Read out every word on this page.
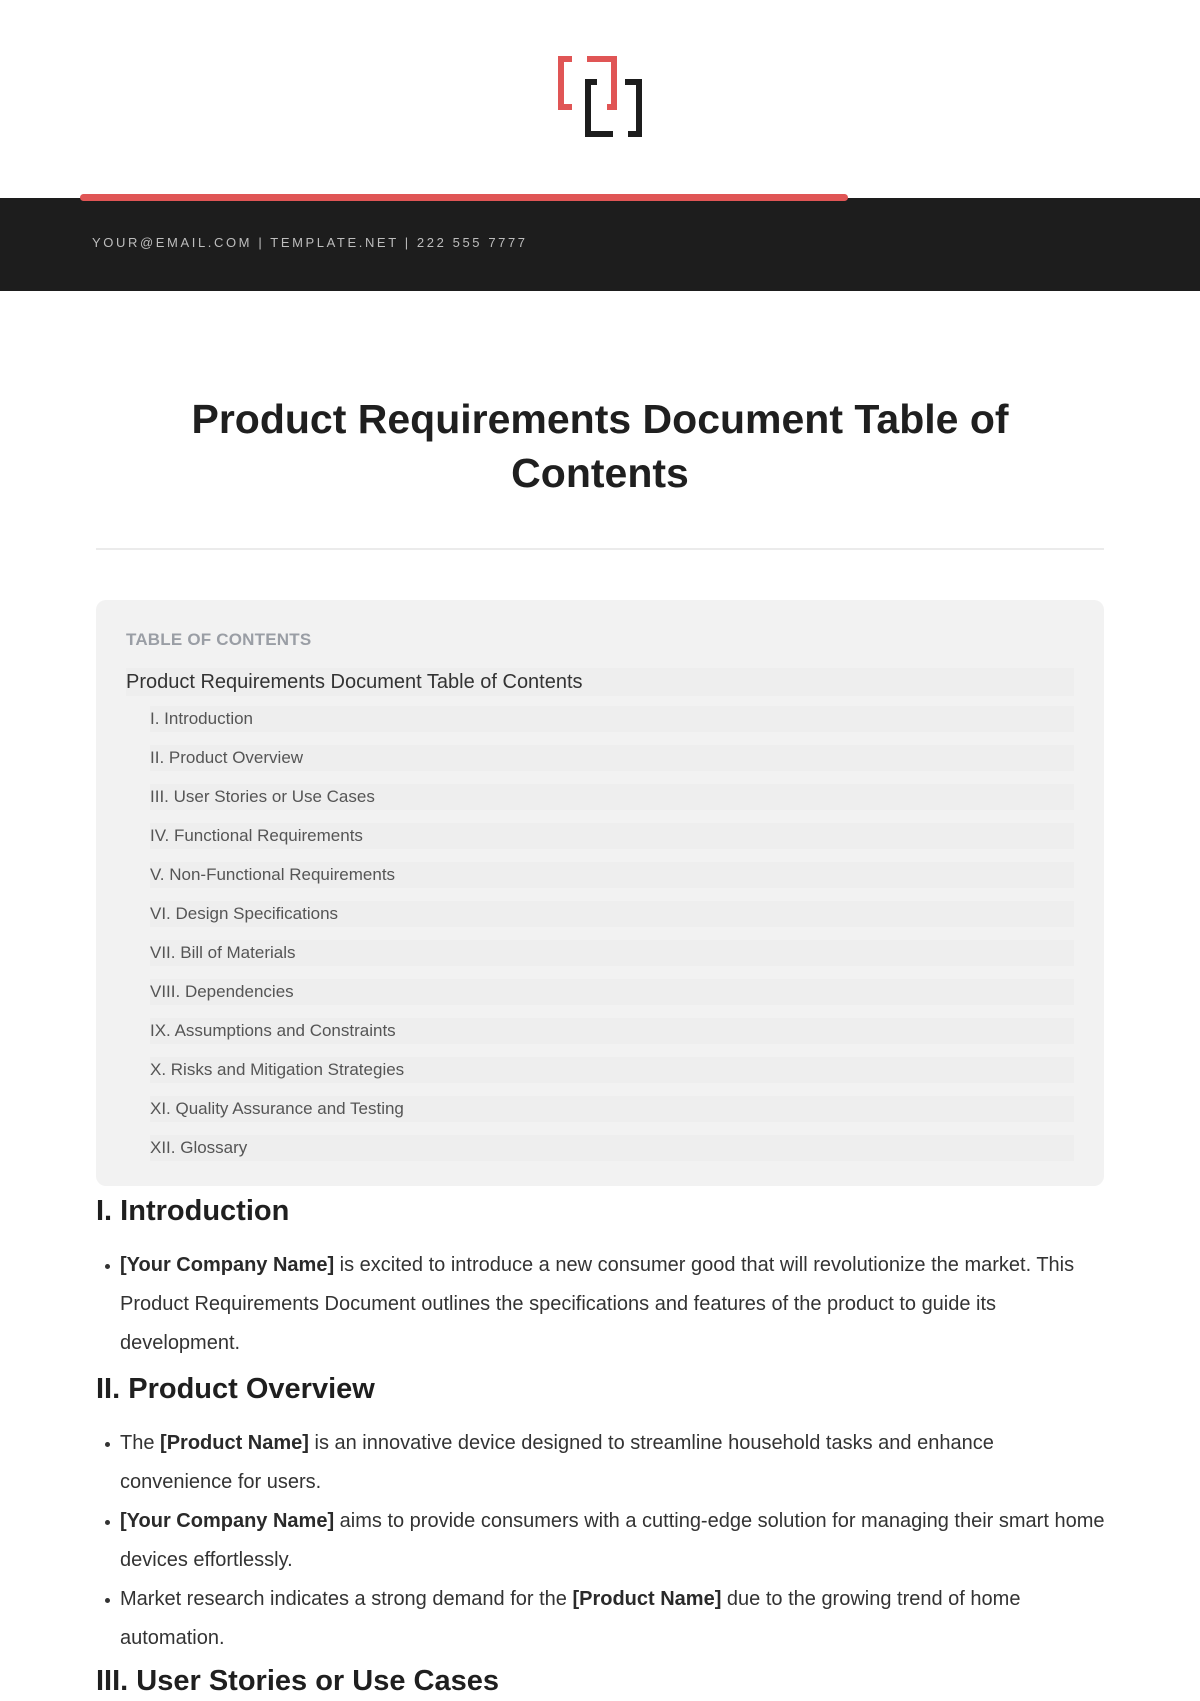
YOUR@EMAIL.COM | TEMPLATE.NET | 222 555 7777
Product Requirements Document Table of Contents
TABLE OF CONTENTS
Product Requirements Document Table of Contents
I. Introduction
II. Product Overview
III. User Stories or Use Cases
IV. Functional Requirements
V. Non-Functional Requirements
VI. Design Specifications
VII. Bill of Materials
VIII. Dependencies
IX. Assumptions and Constraints
X. Risks and Mitigation Strategies
XI. Quality Assurance and Testing
XII. Glossary
I. Introduction
[Your Company Name] is excited to introduce a new consumer good that will revolutionize the market. This Product Requirements Document outlines the specifications and features of the product to guide its development.
II. Product Overview
The [Product Name] is an innovative device designed to streamline household tasks and enhance convenience for users.
[Your Company Name] aims to provide consumers with a cutting-edge solution for managing their smart home devices effortlessly.
Market research indicates a strong demand for the [Product Name] due to the growing trend of home automation.
III. User Stories or Use Cases
